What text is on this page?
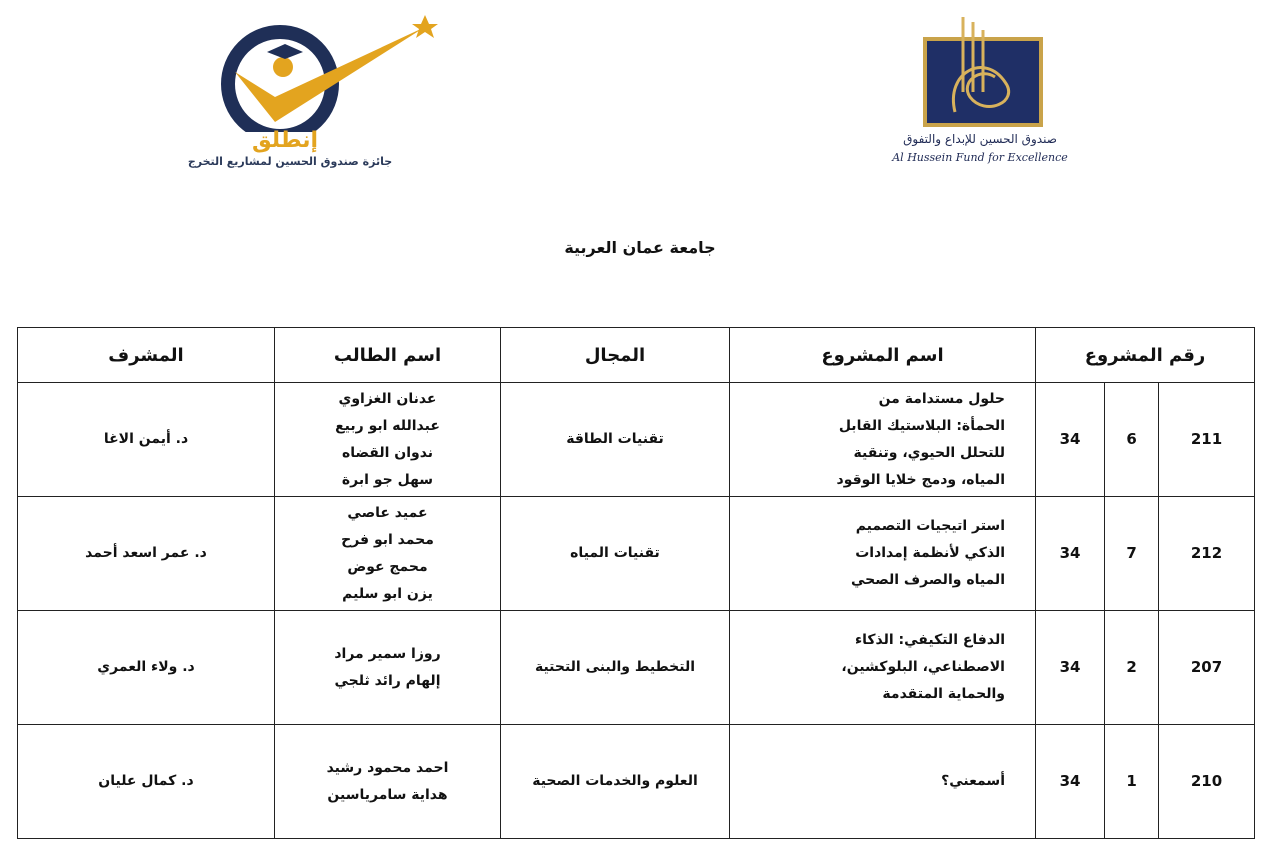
إنطلق
جائزة صندوق الحسين لمشاريع التخرج
صندوق الحسين للإبداع والتفوق
Al Hussein Fund for Excellence
جامعة عمان العربية
رقم المشروع			اسم المشروع	المجال	اسم الطالب	المشرف
211	6	34	حلول مستدامة من
الحمأة: البلاستيك القابل
للتحلل الحيوي، وتنقية
المياه، ودمج خلايا الوقود	تقنيات الطاقة	عدنان الغزاوي
عبدالله ابو ربيع
ندوان القضاه
سهل جو ابرة	د. أيمن الاغا
212	7	34	استر اتيجيات التصميم
الذكي لأنظمة إمدادات
المياه والصرف الصحي	تقنيات المياه	عميد عاصي
محمد ابو فرح
محمج عوض
يزن ابو سليم	د. عمر اسعد أحمد
207	2	34	الدفاع التكيفي: الذكاء
الاصطناعي، البلوكشين،
والحماية المتقدمة	التخطيط والبنى التحتية	روزا سمير مراد
إلهام رائد ثلجي	د. ولاء العمري
210	1	34	أسمعني؟	العلوم والخدمات الصحية	احمد محمود رشيد
هداية سامرياسين	د. كمال عليان
